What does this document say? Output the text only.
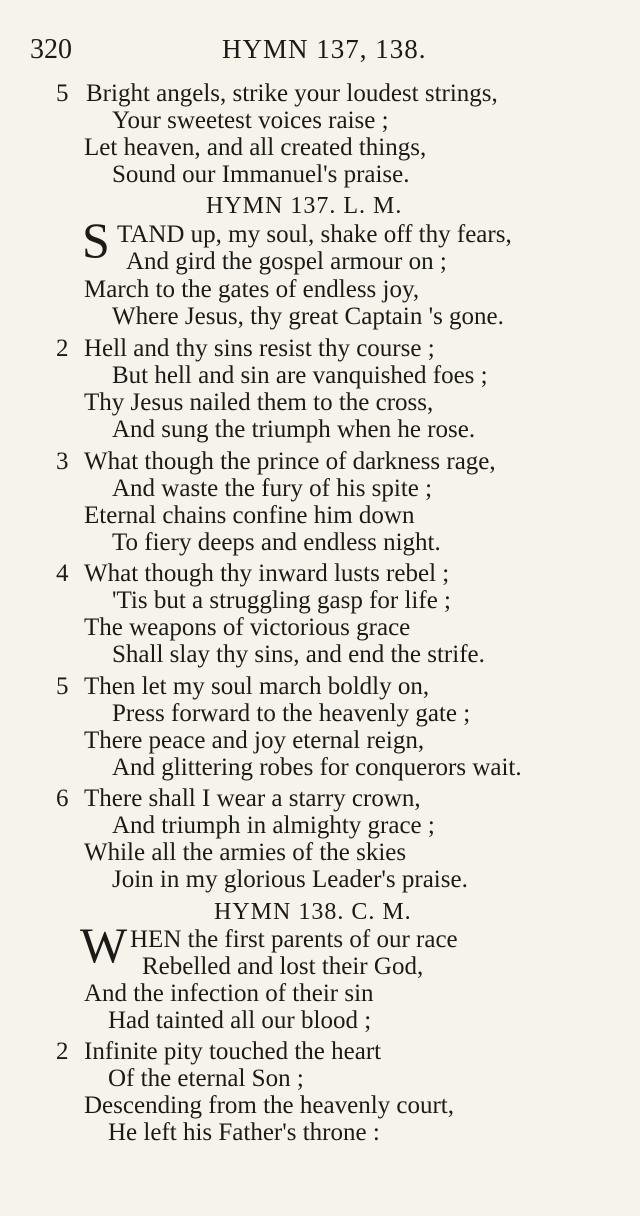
320	HYMN 137, 138.
5 Bright angels, strike your loudest strings,
Your sweetest voices raise ;
Let heaven, and all created things,
Sound our Immanuel's praise.
HYMN 137. L. M.
S TAND up, my soul, shake off thy fears,
And gird the gospel armour on ;
March to the gates of endless joy,
Where Jesus, thy great Captain 's gone.
2 Hell and thy sins resist thy course ;
But hell and sin are vanquished foes ;
Thy Jesus nailed them to the cross,
And sung the triumph when he rose.
3 What though the prince of darkness rage,
And waste the fury of his spite ;
Eternal chains confine him down
To fiery deeps and endless night.
4 What though thy inward lusts rebel ;
'Tis but a struggling gasp for life ;
The weapons of victorious grace
Shall slay thy sins, and end the strife.
5 Then let my soul march boldly on,
Press forward to the heavenly gate ;
There peace and joy eternal reign,
And glittering robes for conquerors wait.
6 There shall I wear a starry crown,
And triumph in almighty grace ;
While all the armies of the skies
Join in my glorious Leader's praise.
HYMN 138. C. M.
W HEN the first parents of our race
Rebelled and lost their God,
And the infection of their sin
Had tainted all our blood ;
2 Infinite pity touched the heart
Of the eternal Son ;
Descending from the heavenly court,
He left his Father's throne :
